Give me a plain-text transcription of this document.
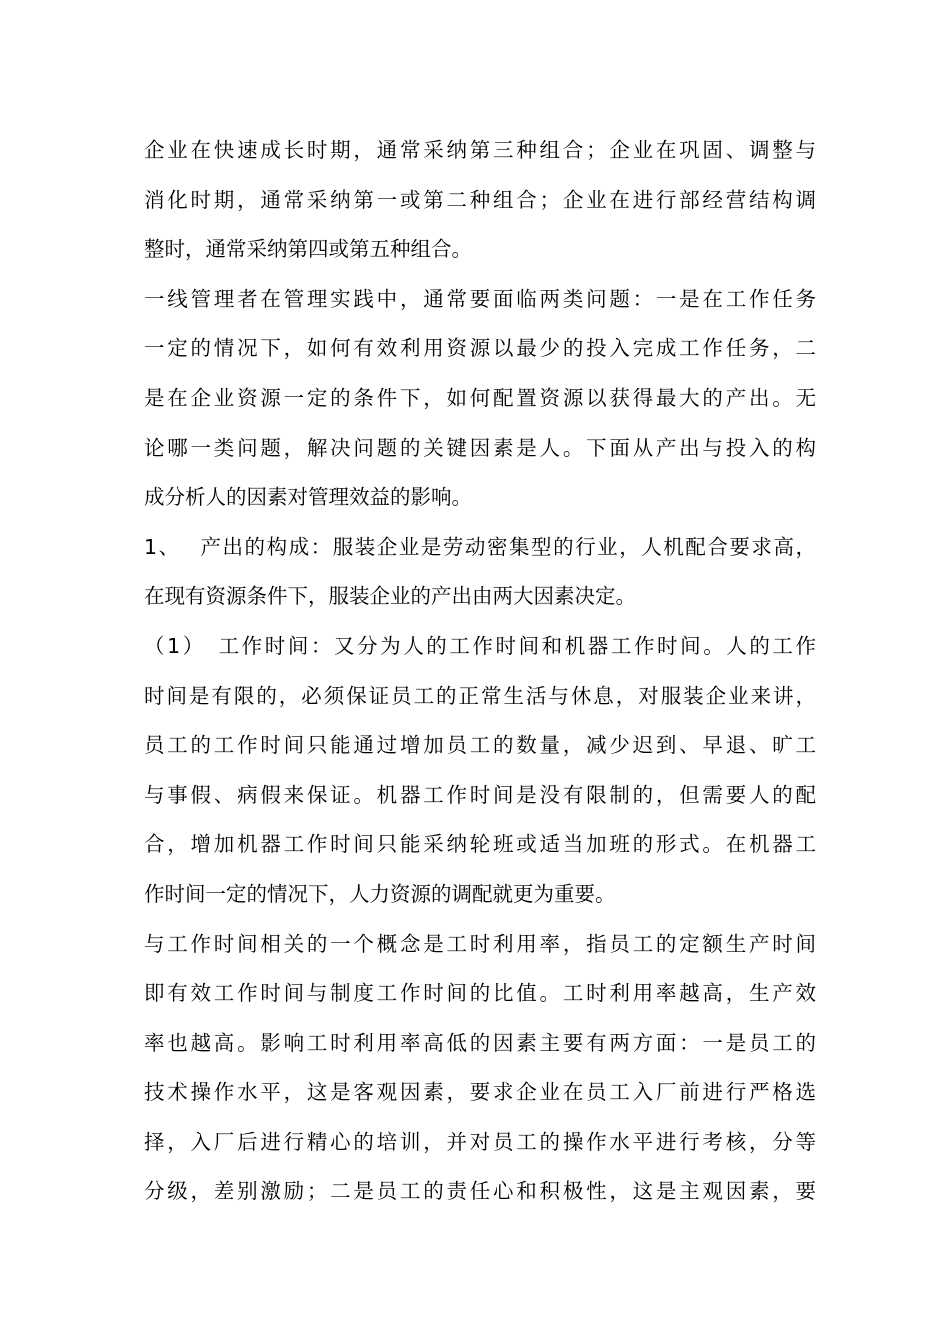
企业在快速成长时期，通常采纳第三种组合；企业在巩固、调整与
消化时期，通常采纳第一或第二种组合；企业在进行部经营结构调
整时，通常采纳第四或第五种组合。
一线管理者在管理实践中，通常要面临两类问题：一是在工作任务
一定的情况下，如何有效利用资源以最少的投入完成工作任务，二
是在企业资源一定的条件下，如何配置资源以获得最大的产出。无
论哪一类问题，解决问题的关键因素是人。下面从产出与投入的构
成分析人的因素对管理效益的影响。
1、　 产出的构成：服装企业是劳动密集型的行业，人机配合要求高，
在现有资源条件下，服装企业的产出由两大因素决定。
（1）　工作时间：又分为人的工作时间和机器工作时间。人的工作
时间是有限的，必须保证员工的正常生活与休息，对服装企业来讲，
员工的工作时间只能通过增加员工的数量，减少迟到、早退、旷工
与事假、病假来保证。机器工作时间是没有限制的，但需要人的配
合，增加机器工作时间只能采纳轮班或适当加班的形式。在机器工
作时间一定的情况下，人力资源的调配就更为重要。
与工作时间相关的一个概念是工时利用率，指员工的定额生产时间
即有效工作时间与制度工作时间的比值。工时利用率越高，生产效
率也越高。影响工时利用率高低的因素主要有两方面：一是员工的
技术操作水平，这是客观因素，要求企业在员工入厂前进行严格选
择，入厂后进行精心的培训，并对员工的操作水平进行考核，分等
分级，差别激励；二是员工的责任心和积极性，这是主观因素，要
